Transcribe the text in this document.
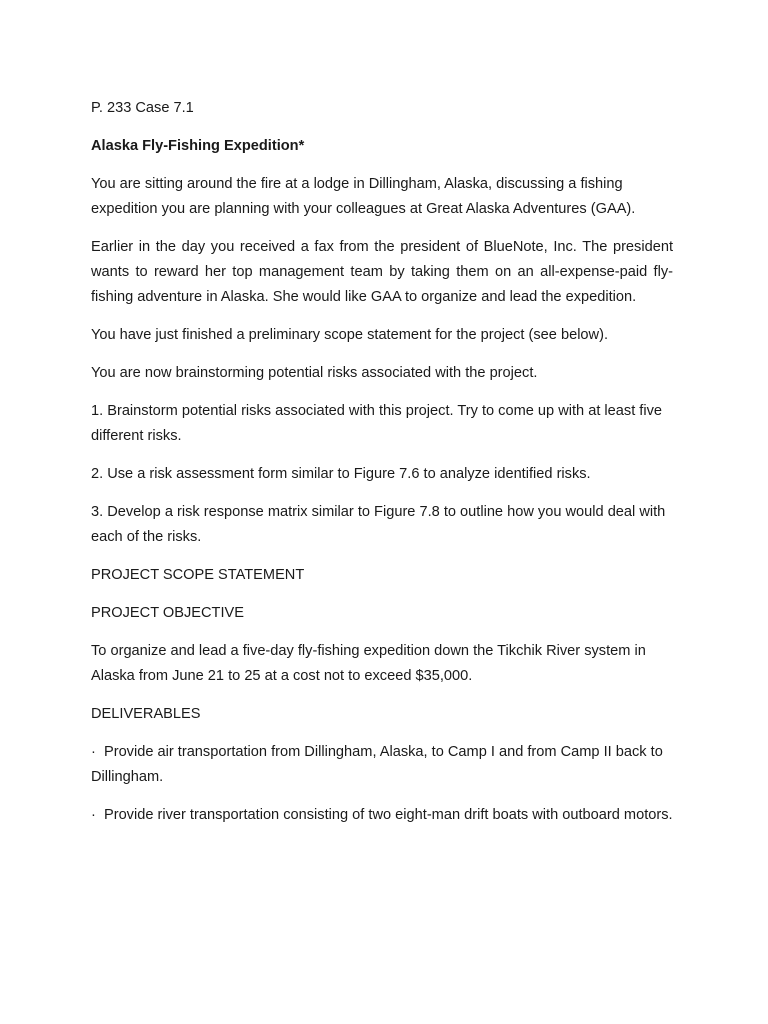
P. 233 Case 7.1

Alaska Fly-Fishing Expedition*

You are sitting around the fire at a lodge in Dillingham, Alaska, discussing a fishing expedition you are planning with your colleagues at Great Alaska Adventures (GAA).

Earlier in the day you received a fax from the president of BlueNote, Inc. The president wants to reward her top management team by taking them on an all-expense-paid fly-fishing adventure in Alaska. She would like GAA to organize and lead the expedition.

You have just finished a preliminary scope statement for the project (see below).

You are now brainstorming potential risks associated with the project.

1. Brainstorm potential risks associated with this project. Try to come up with at least five different risks.

2. Use a risk assessment form similar to Figure 7.6 to analyze identified risks.

3. Develop a risk response matrix similar to Figure 7.8 to outline how you would deal with each of the risks.

PROJECT SCOPE STATEMENT

PROJECT OBJECTIVE

To organize and lead a five-day fly-fishing expedition down the Tikchik River system in Alaska from June 21 to 25 at a cost not to exceed $35,000.

DELIVERABLES

·  Provide air transportation from Dillingham, Alaska, to Camp I and from Camp II back to Dillingham.

·  Provide river transportation consisting of two eight-man drift boats with outboard motors.
